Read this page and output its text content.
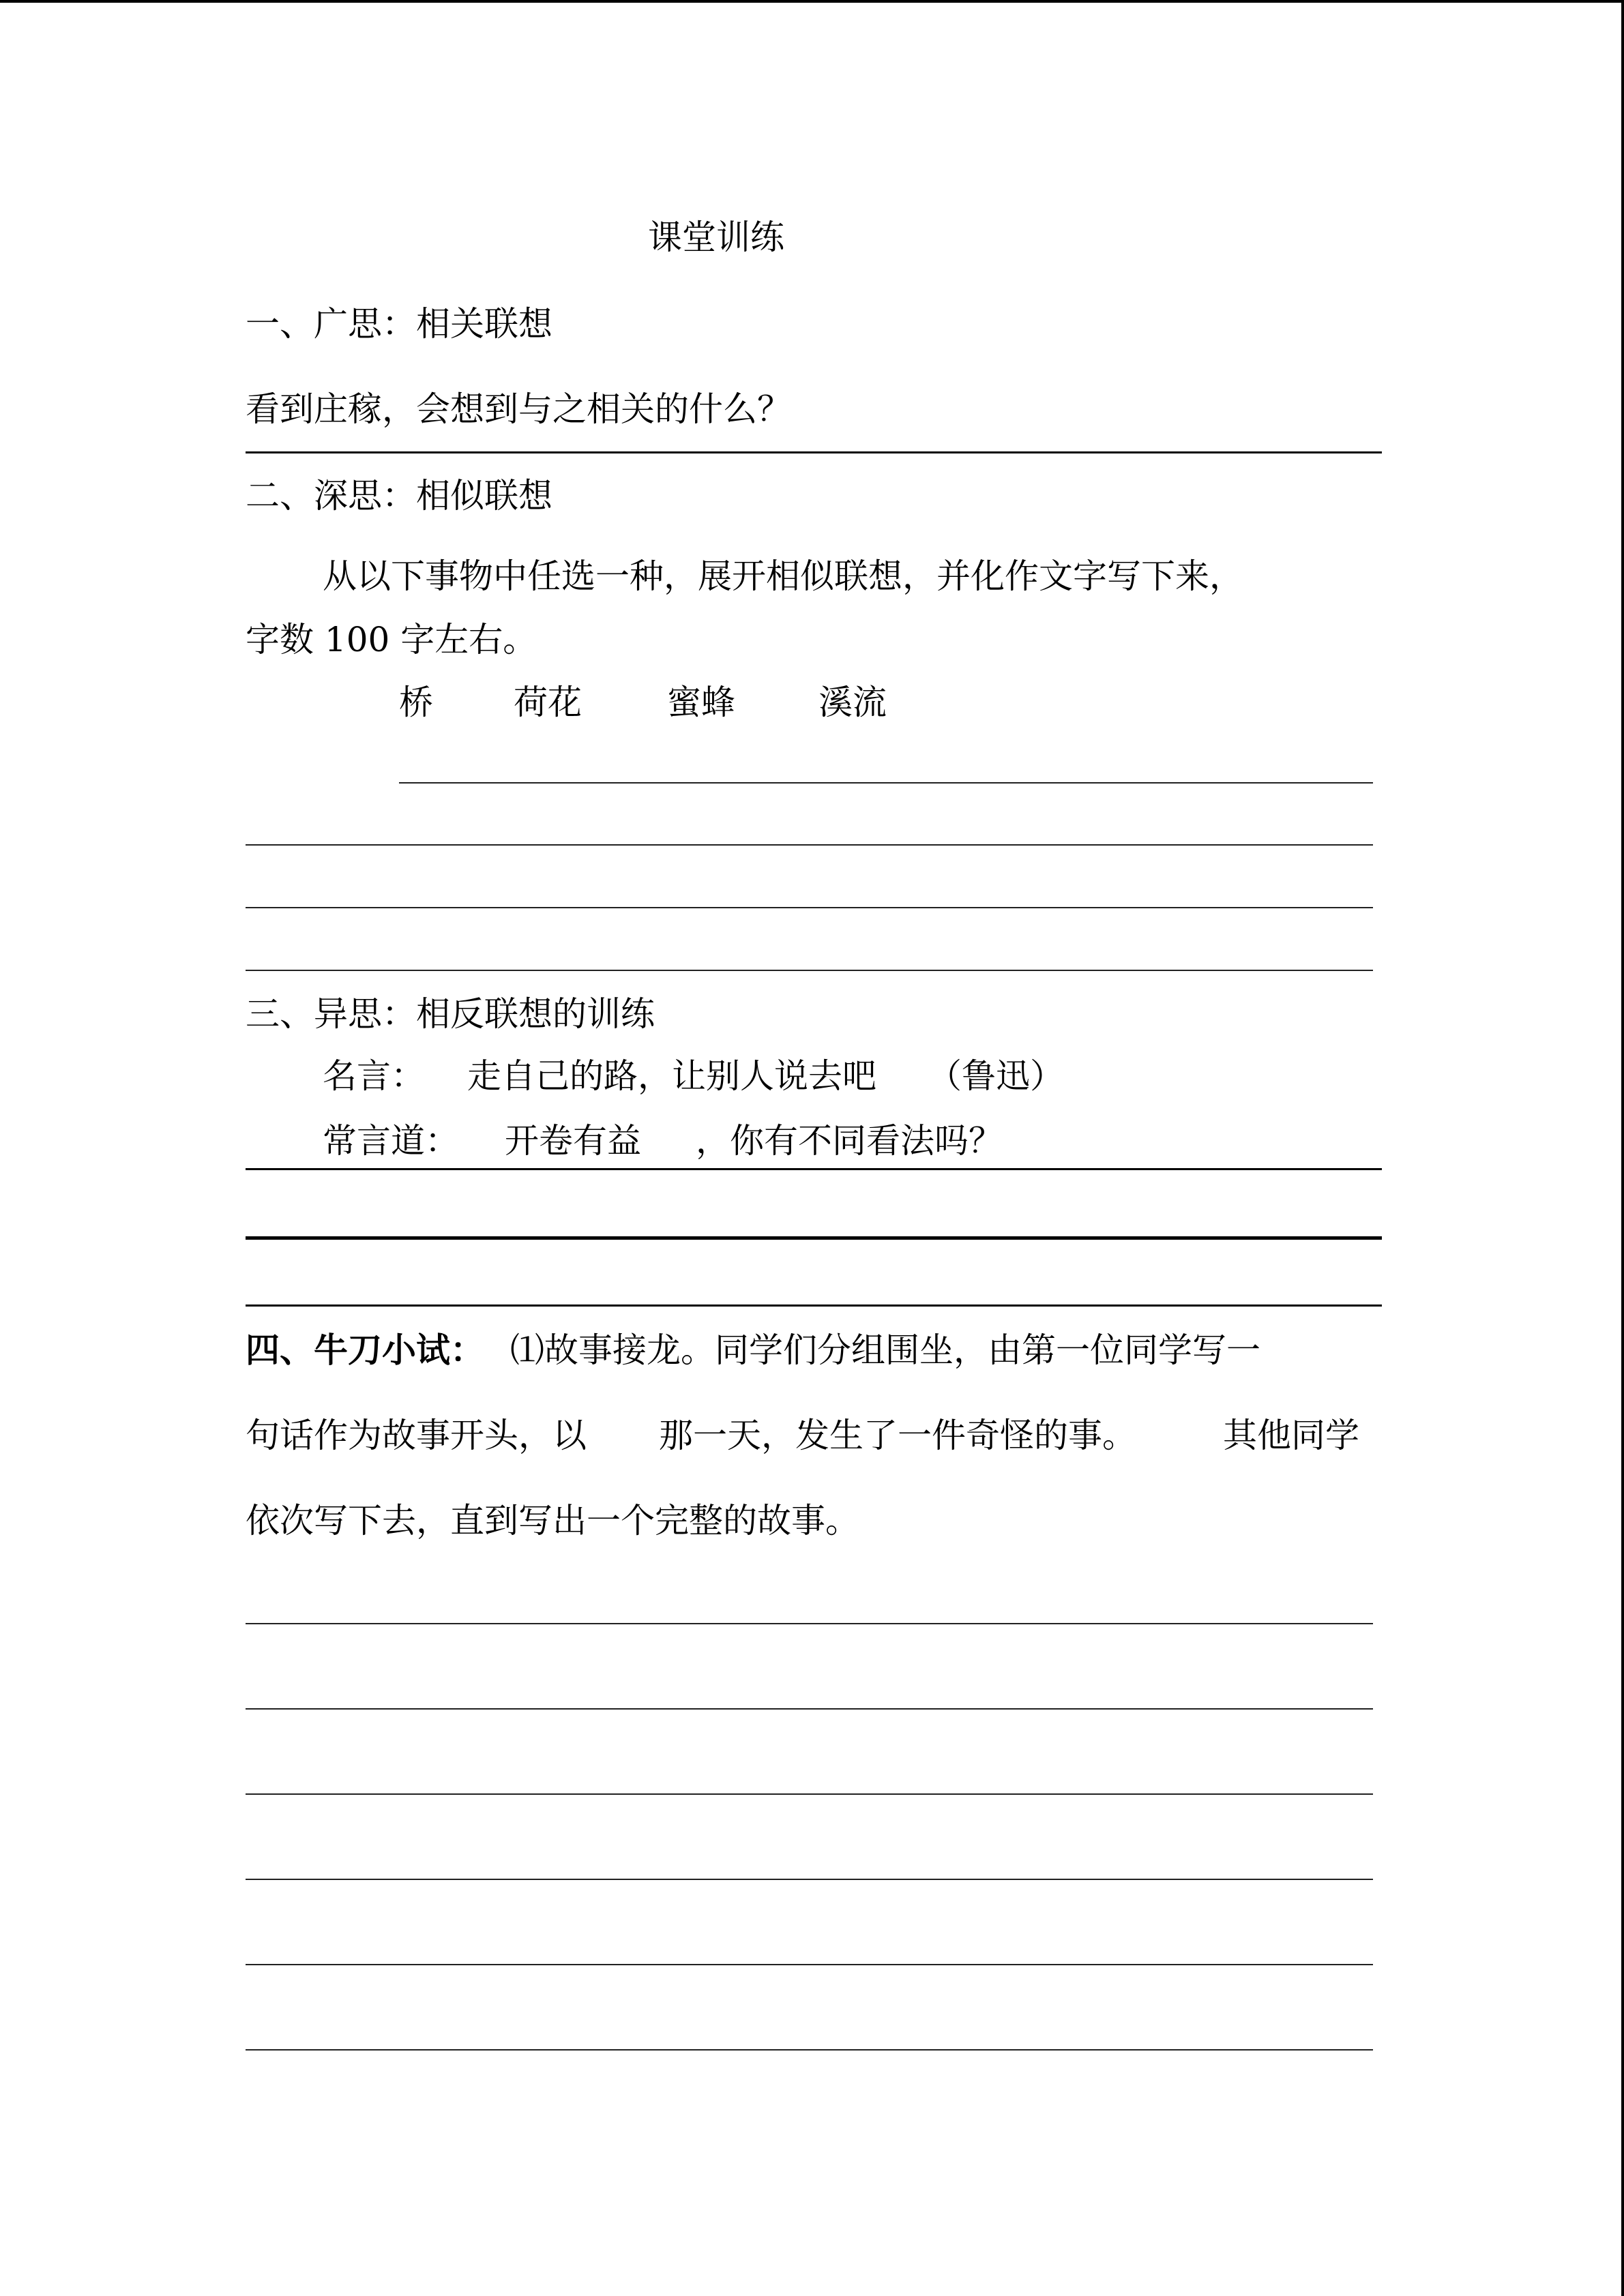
课堂训练
一、广思：相关联想
看到庄稼，会想到与之相关的什么？
二、深思：相似联想
从以下事物中任选一种，展开相似联想，并化作文字写下来，
字数 100 字左右。
桥 荷花	蜜蜂 溪流
三、异思：相反联想的训练
名言： 走自己的路，让别人说去吧 （鲁迅）
常言道： 开卷有益 ，你有不同看法吗？
四、牛刀小试： ⑴故事接龙。同学们分组围坐，由第一位同学写一
句话作为故事开头，以 那一天，发生了一件奇怪的事。	其他同学
依次写下去，直到写出一个完整的故事。
